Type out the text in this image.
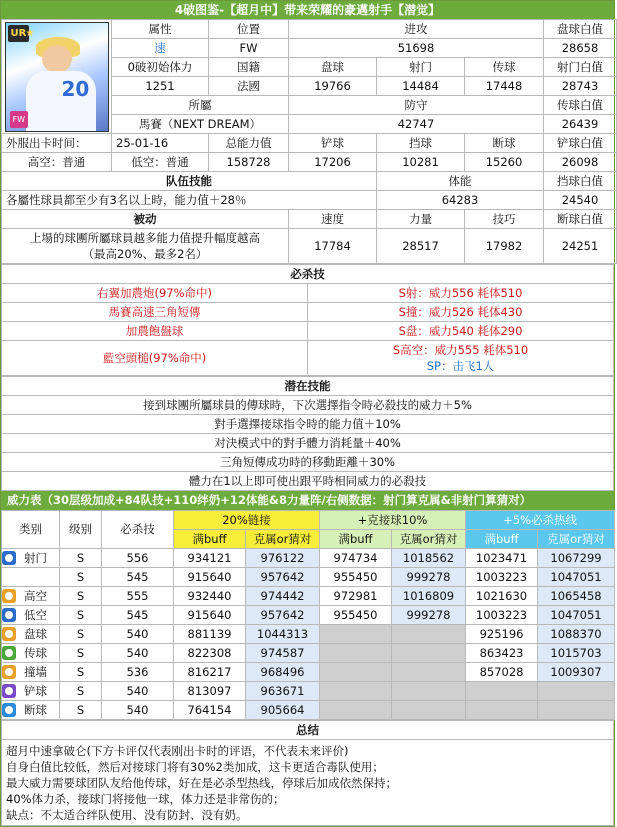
4破图鉴-【超月中】带来荣耀的豪邁射手【潜觉】
UR ★
20
FW	属性	位置	进攻			盘球白值
	速	FW	51698			28658
	0破初始体力	国籍	盘球	射门	传球	射门白值
	1251	法國	19766	14484	17448	28743
	所屬		防守			传球白值
	馬賽（NEXT DREAM）		42747			26439
外服出卡时间：	25-01-16	总能力值	铲球	挡球	断球	铲球白值
高空：普通	低空：普通	158728	17206	10281	15260	26098
队伍技能				体能		挡球白值
各屬性球員都至少有3名以上時，能力值＋28％				64283		24540
被动			速度	力量	技巧	断球白值

上場的球團所屬球員越多能力值提升幅度越高
（最高20%、最多2名）			17784	28517	17982	24251
必杀技	
右翼加農炮(97%命中)	S射：威力556 耗体510
馬賽高速三角短傳	S撞：威力526 耗体430
加農飽盤球	S盘：威力540 耗体290
藍空頭槌(97%命中)	S高空：威力555 耗体510
SP：击飞1人
潜在技能
接到球團所屬球員的傳球時，下次選擇指令時必殺技的威力＋5%
對手選擇接球指令時的能力值＋10%
对決模式中的對手體力消耗量＋40%
三角短傳成功時的移動距離＋30%
體力在1以上即可使出跟平時相同威力的必殺技
威力表（30层级加成+84队技+110绊奶+12体能&8力量阵/右侧数据：射门算克属&非射门算猜对）
类别	级别	必杀技	20%链接		+克接球10%		+5%必杀热线	
			满buff	克属or猜对	满buff	克属or猜对	满buff	克属or猜对
射门	S	556	934121	976122	974734	1018562	1023471	1067299
	S	545	915640	957642	955450	999278	1003223	1047051
高空	S	555	932440	974442	972981	1016809	1021630	1065458
低空	S	545	915640	957642	955450	999278	1003223	1047051
盘球	S	540	881139	1044313			925196	1088370
传球	S	540	822308	974587			863423	1015703
撞墙	S	536	816217	968496			857028	1009307
铲球	S	540	813097	963671				
断球	S	540	764154	905664				
总结

超月中速拿破仑(下方卡评仅代表刚出卡时的评语，不代表未来评价)
自身白值比较低，然后对接球门将有30%2类加成，这卡更适合毒队使用；
最大威力需要球团队友给他传球，好在是必杀型热线，停球后加成依然保持；
40%体力杀，接球门将接他一球，体力还是非常伤的；
缺点：不太适合绊队使用、没有防封、没有奶。
